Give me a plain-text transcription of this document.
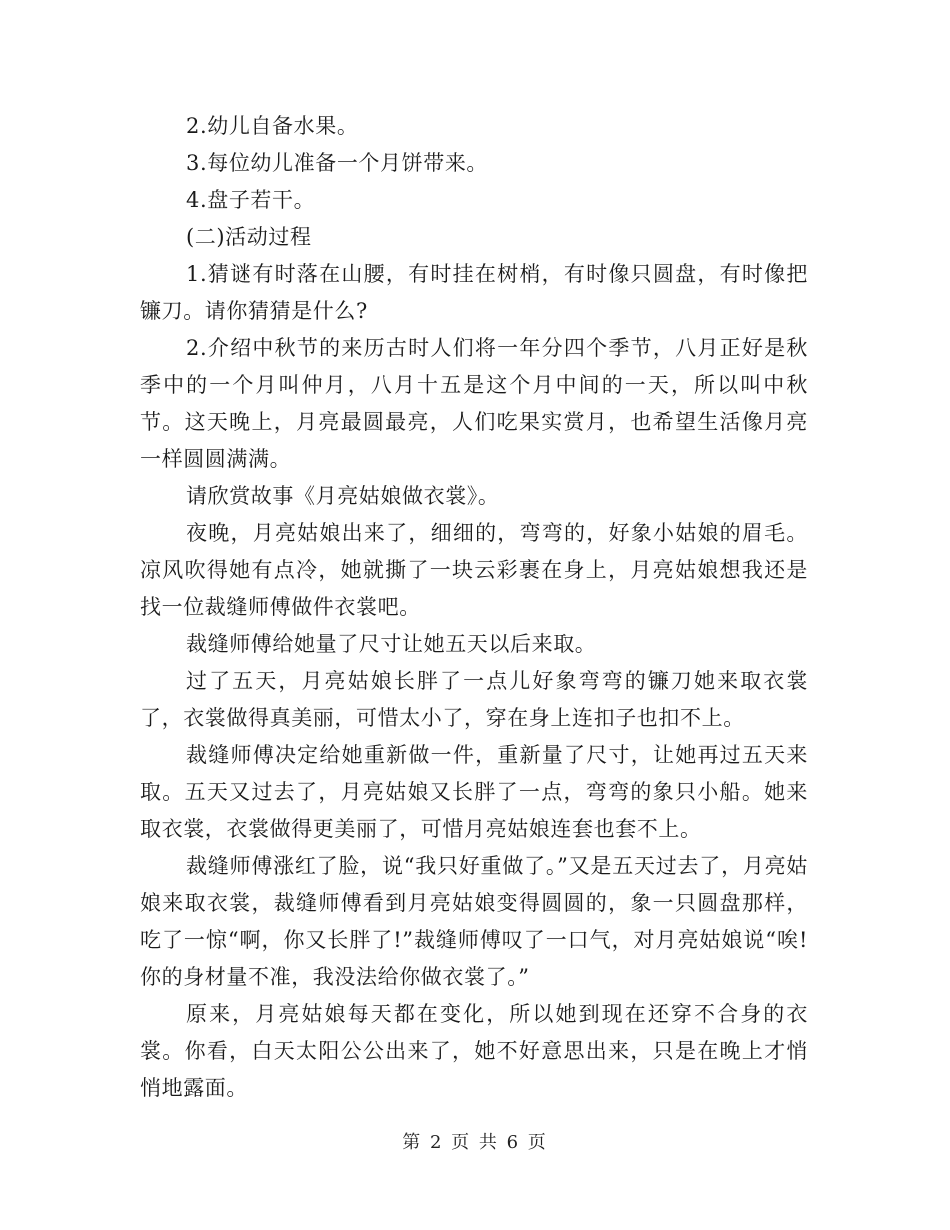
2.幼儿自备水果。

3.每位幼儿准备一个月饼带来。

4.盘子若干。

(二)活动过程

1.猜谜有时落在山腰，有时挂在树梢，有时像只圆盘，有时像把镰刀。请你猜猜是什么?

2.介绍中秋节的来历古时人们将一年分四个季节，八月正好是秋季中的一个月叫仲月，八月十五是这个月中间的一天，所以叫中秋节。这天晚上，月亮最圆最亮，人们吃果实赏月，也希望生活像月亮一样圆圆满满。

请欣赏故事《月亮姑娘做衣裳》。

夜晚，月亮姑娘出来了，细细的，弯弯的，好象小姑娘的眉毛。凉风吹得她有点冷，她就撕了一块云彩裹在身上，月亮姑娘想我还是找一位裁缝师傅做件衣裳吧。

裁缝师傅给她量了尺寸让她五天以后来取。

过了五天，月亮姑娘长胖了一点儿好象弯弯的镰刀她来取衣裳了，衣裳做得真美丽，可惜太小了，穿在身上连扣子也扣不上。

裁缝师傅决定给她重新做一件，重新量了尺寸，让她再过五天来取。五天又过去了，月亮姑娘又长胖了一点，弯弯的象只小船。她来取衣裳，衣裳做得更美丽了，可惜月亮姑娘连套也套不上。

裁缝师傅涨红了脸，说“我只好重做了。”又是五天过去了，月亮姑娘来取衣裳，裁缝师傅看到月亮姑娘变得圆圆的，象一只圆盘那样，吃了一惊“啊，你又长胖了!”裁缝师傅叹了一口气，对月亮姑娘说“唉!你的身材量不准，我没法给你做衣裳了。”

原来，月亮姑娘每天都在变化，所以她到现在还穿不合身的衣裳。你看，白天太阳公公出来了，她不好意思出来，只是在晚上才悄悄地露面。

第 2 页 共 6 页
